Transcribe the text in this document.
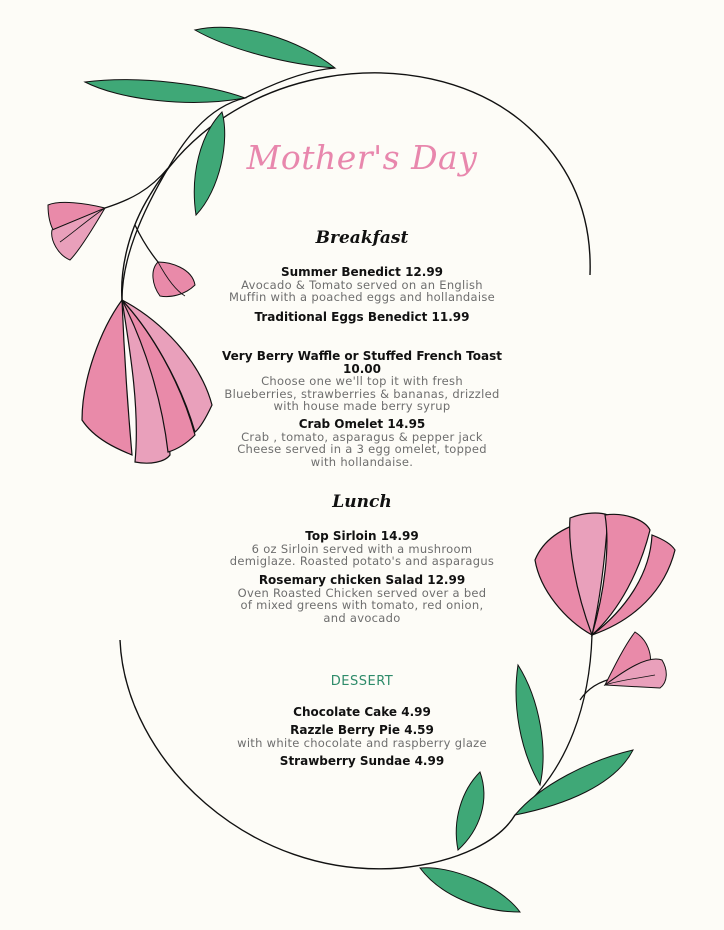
Mother's Day
Breakfast
Summer Benedict 12.99
Avocado & Tomato served on an English
Muffin with a poached eggs and hollandaise
Traditional Eggs Benedict 11.99
Very Berry Waffle or Stuffed French Toast
10.00
Choose one we'll top it with fresh
Blueberries, strawberries & bananas, drizzled
with house made berry syrup
Crab Omelet 14.95
Crab , tomato, asparagus & pepper jack
Cheese served in a 3 egg omelet, topped
with hollandaise.
Lunch
Top Sirloin 14.99
6 oz Sirloin served with a mushroom
demiglaze. Roasted potato's and asparagus
Rosemary chicken Salad 12.99
Oven Roasted Chicken served over a bed
of mixed greens with tomato, red onion,
and avocado
DESSERT
Chocolate Cake 4.99
Razzle Berry Pie 4.59
with white chocolate and raspberry glaze
Strawberry Sundae 4.99
